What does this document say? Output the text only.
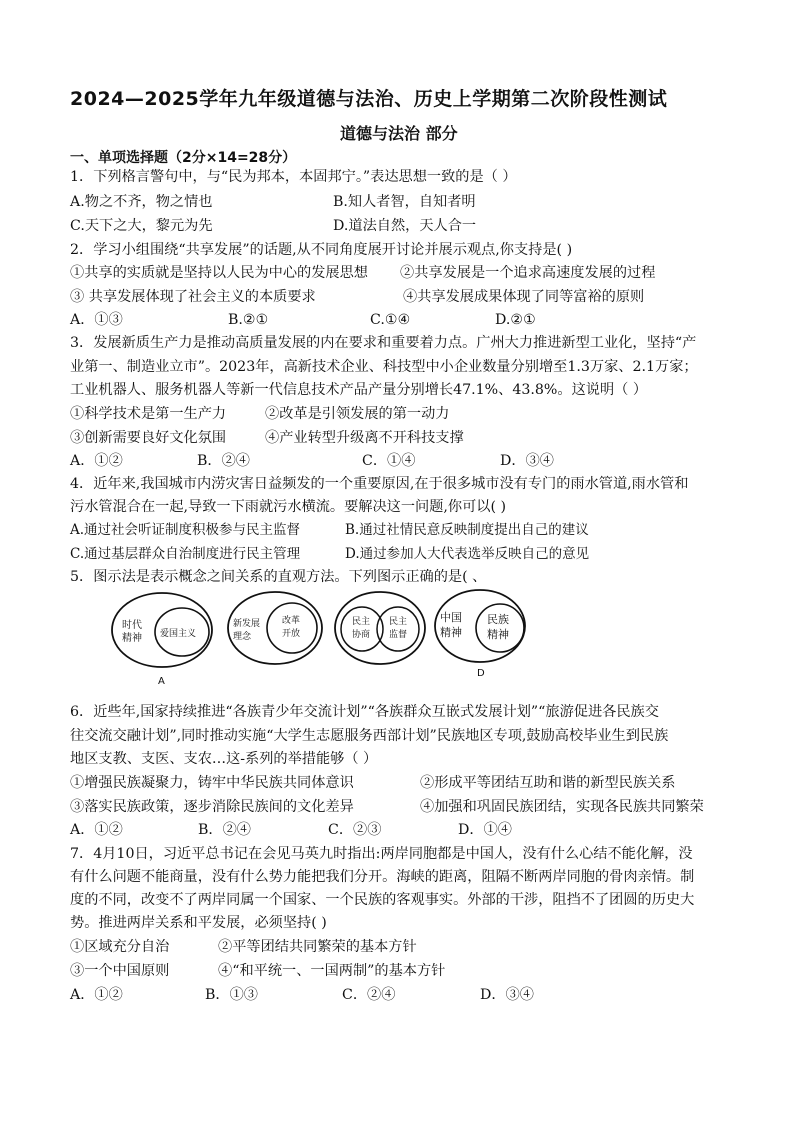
2024—2025学年九年级道德与法治、历史上学期第二次阶段性测试
道德与法治 部分
一、单项选择题（2分×14=28分）
1．下列格言警句中，与“民为邦本，本固邦宁。”表达思想一致的是（ ）
A.物之不齐，物之情也	B.知人者智，自知者明
C.天下之大，黎元为先	D.道法自然，天人合一
2．学习小组围绕“共享发展”的话题,从不同角度展开讨论并展示观点,你支持是( )
①共享的实质就是坚持以人民为中心的发展思想 ②共享发展是一个追求高速度发展的过程
③ 共享发展体现了社会主义的本质要求	④共享发展成果体现了同等富裕的原则
A．①③	B.②①	C.①④	D.②①
3．发展新质生产力是推动高质量发展的内在要求和重要着力点。广州大力推进新型工业化，坚持“产
业第一、制造业立市”。2023年，高新技术企业、科技型中小企业数量分别增至1.3万家、2.1万家；
工业机器人、服务机器人等新一代信息技术产品产量分别增长47.1%、43.8%。这说明（ ）
①科学技术是第一生产力	②改革是引领发展的第一动力
③创新需要良好文化氛围	④产业转型升级离不开科技支撑
A．①②	B．②④	C．①④	D．③④
4．近年来,我国城市内涝灾害日益频发的一个重要原因,在于很多城市没有专门的雨水管道,雨水管和
污水管混合在一起,导致一下雨就污水横流。要解决这一问题,你可以( )
A.通过社会听证制度积极参与民主监督	B.通过社情民意反映制度提出自己的建议
C.通过基层群众自治制度进行民主管理	D.通过参加人大代表选举反映自己的意见
5．图示法是表示概念之间关系的直观方法。下列图示正确的是( 、
时代
精神 爱国主义
A
新发展
理念
改革
开放
民主
协商
民主
监督
中国
精神
民族
精神
D
6．近些年,国家持续推进“各族青少年交流计划”“各族群众互嵌式发展计划”“旅游促进各民族交
往交流交融计划”,同时推动实施“大学生志愿服务西部计划”民族地区专项,鼓励高校毕业生到民族
地区支教、支医、支农…这-系列的举措能够（ ）
①增强民族凝聚力，铸牢中华民族共同体意识	②形成平等团结互助和谐的新型民族关系
③落实民族政策，逐步消除民族间的文化差异	④加强和巩固民族团结，实现各民族共同繁荣
A．①②	B．②④	C．②③	D．①④
7．4月10日，习近平总书记在会见马英九时指出:两岸同胞都是中国人，没有什么心结不能化解，没
有什么问题不能商量，没有什么势力能把我们分开。海峡的距离，阻隔不断两岸同胞的骨肉亲情。制
度的不同，改变不了两岸同属一个国家、一个民族的客观事实。外部的干涉，阻挡不了团圆的历史大
势。推进两岸关系和平发展，必须坚持( )
①区域充分自治	②平等团结共同繁荣的基本方针
③一个中国原则	④“和平统一、一国两制”的基本方针
A．①②	B．①③	C．②④	D．③④
